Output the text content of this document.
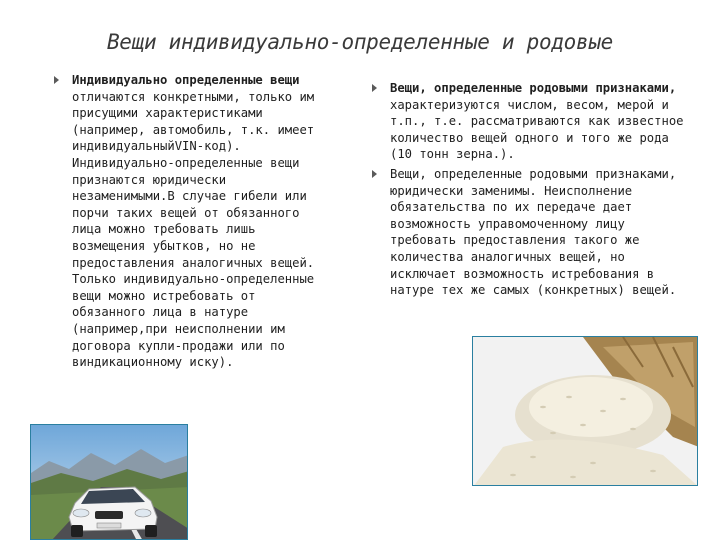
Вещи индивидуально-определенные и родовые
Индивидуально определенные вещи отличаются конкретными, только им присущими характеристиками (например, автомобиль, т.к. имеет индивидуальныйVIN-код). Индивидуально-определенные вещи признаются юридически незаменимыми.В случае гибели или порчи таких вещей от обязанного лица можно требовать лишь возмещения убытков, но не предоставления аналогичных вещей. Только индивидуально-определенные вещи можно истребовать от обязанного лица в натуре (например,при неисполнении им договора купли-продажи или по виндикационному иску).
Вещи, определенные родовыми признаками, характеризуются числом, весом, мерой и т.п., т.е. рассматриваются как известное количество вещей одного и того же рода (10 тонн зерна.).
Вещи, определенные родовыми признаками, юридически заменимы. Неисполнение обязательства по их передаче дает возможность управомоченному лицу требовать предоставления такого же количества аналогичных вещей, но исключает возможность истребования в натуре тех же самых (конкретных) вещей.
